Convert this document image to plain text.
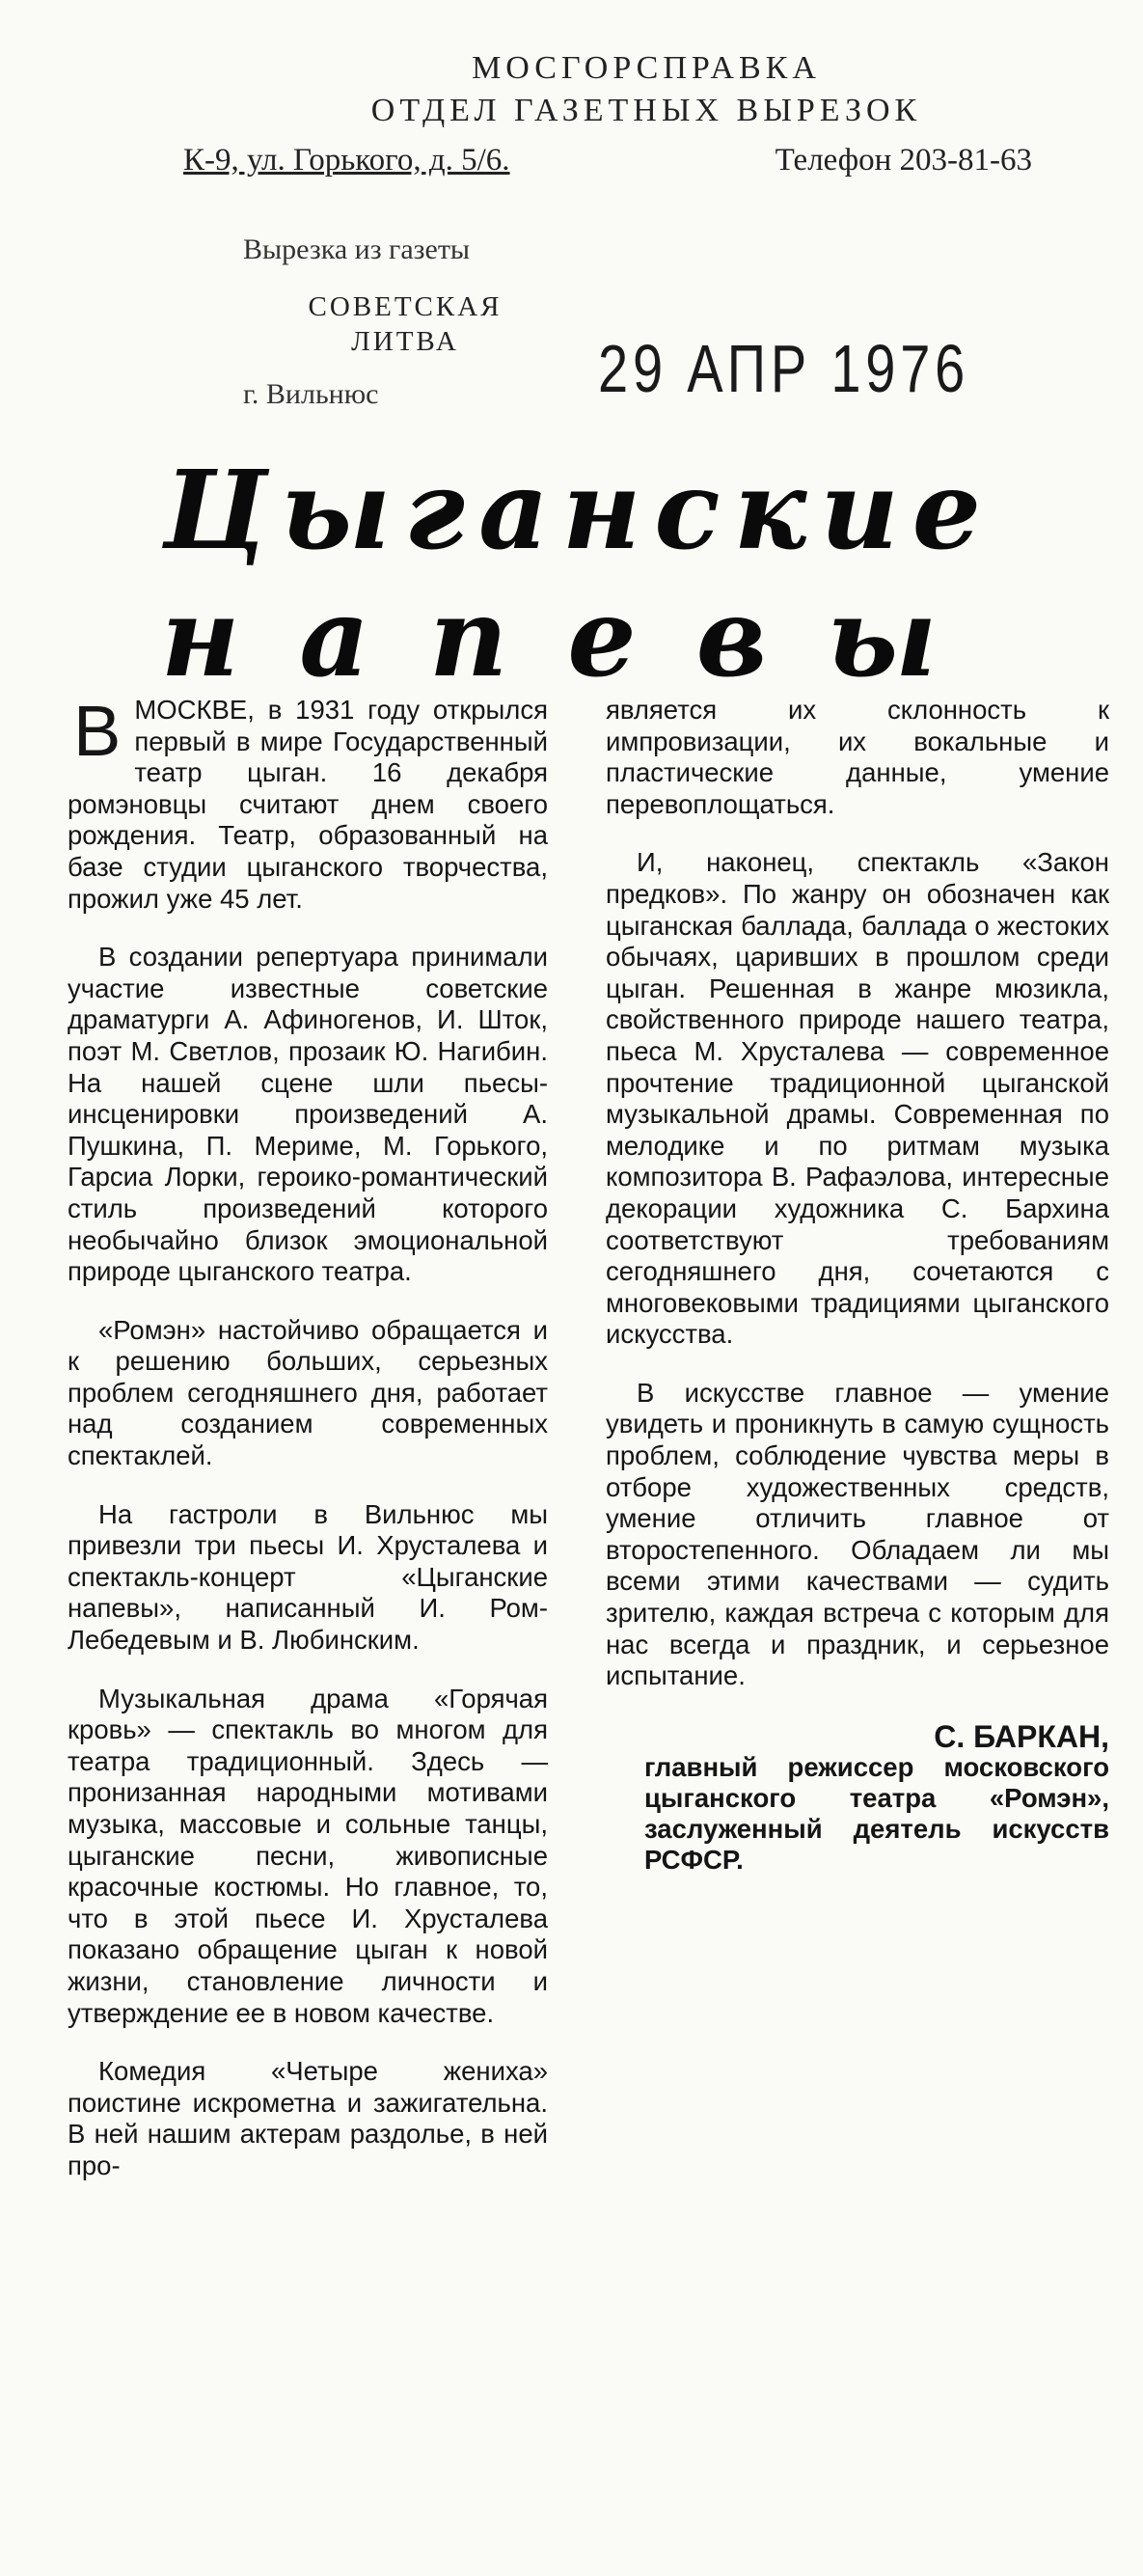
МОСГОРСПРАВКА
ОТДЕЛ ГАЗЕТНЫХ ВЫРЕЗОК
К-9, ул. Горького, д. 5/6.	Телефон 203-81-63
Вырезка из газеты
СОВЕТСКАЯ ЛИТВА
г. Вильнюс	29 АПР 1976
Цыганские
напевы

ВМОСКВЕ, в 1931 году открылся первый в мире Государственный театр цыган. 16 декабря ромэновцы считают днем своего рождения. Театр, образованный на базе студии цыганского творчества, прожил уже 45 лет.

В создании репертуара принимали участие известные советские драматурги А. Афиногенов, И. Шток, поэт М. Светлов, прозаик Ю. Нагибин. На нашей сцене шли пьесы-инсценировки произведений А. Пушкина, П. Мериме, М. Горького, Гарсиа Лорки, героико-романтический стиль произведений которого необычайно близок эмоциональной природе цыганского театра.

«Ромэн» настойчиво обращается и к решению больших, серьезных проблем сегодняшнего дня, работает над созданием современных спектаклей.

На гастроли в Вильнюс мы привезли три пьесы И. Хрусталева и спектакль-концерт «Цыганские напевы», написанный И. Ром-Лебедевым и В. Любинским.

Музыкальная драма «Горячая кровь» — спектакль во многом для театра традиционный. Здесь — пронизанная народными мотивами музыка, массовые и сольные танцы, цыганские песни, живописные красочные костюмы. Но главное, то, что в этой пьесе И. Хрусталева показано обращение цыган к новой жизни, становление личности и утверждение ее в новом качестве.

Комедия «Четыре жениха» поистине искрометна и зажигательна. В ней нашим актерам раздолье, в ней про-

является их склонность к импровизации, их вокальные и пластические данные, умение перевоплощаться.

И, наконец, спектакль «Закон предков». По жанру он обозначен как цыганская баллада, баллада о жестоких обычаях, царивших в прошлом среди цыган. Решенная в жанре мюзикла, свойственного природе нашего театра, пьеса М. Хрусталева — современное прочтение традиционной цыганской музыкальной драмы. Современная по мелодике и по ритмам музыка композитора В. Рафаэлова, интересные декорации художника С. Бархина соответствуют требованиям сегодняшнего дня, сочетаются с многовековыми традициями цыганского искусства.

В искусстве главное — умение увидеть и проникнуть в самую сущность проблем, соблюдение чувства меры в отборе художественных средств, умение отличить главное от второстепенного. Обладаем ли мы всеми этими качествами — судить зрителю, каждая встреча с которым для нас всегда и праздник, и серьезное испытание.

С. БАРКАН,
главный режиссер московского цыганского театра «Ромэн», заслуженный деятель искусств РСФСР.
